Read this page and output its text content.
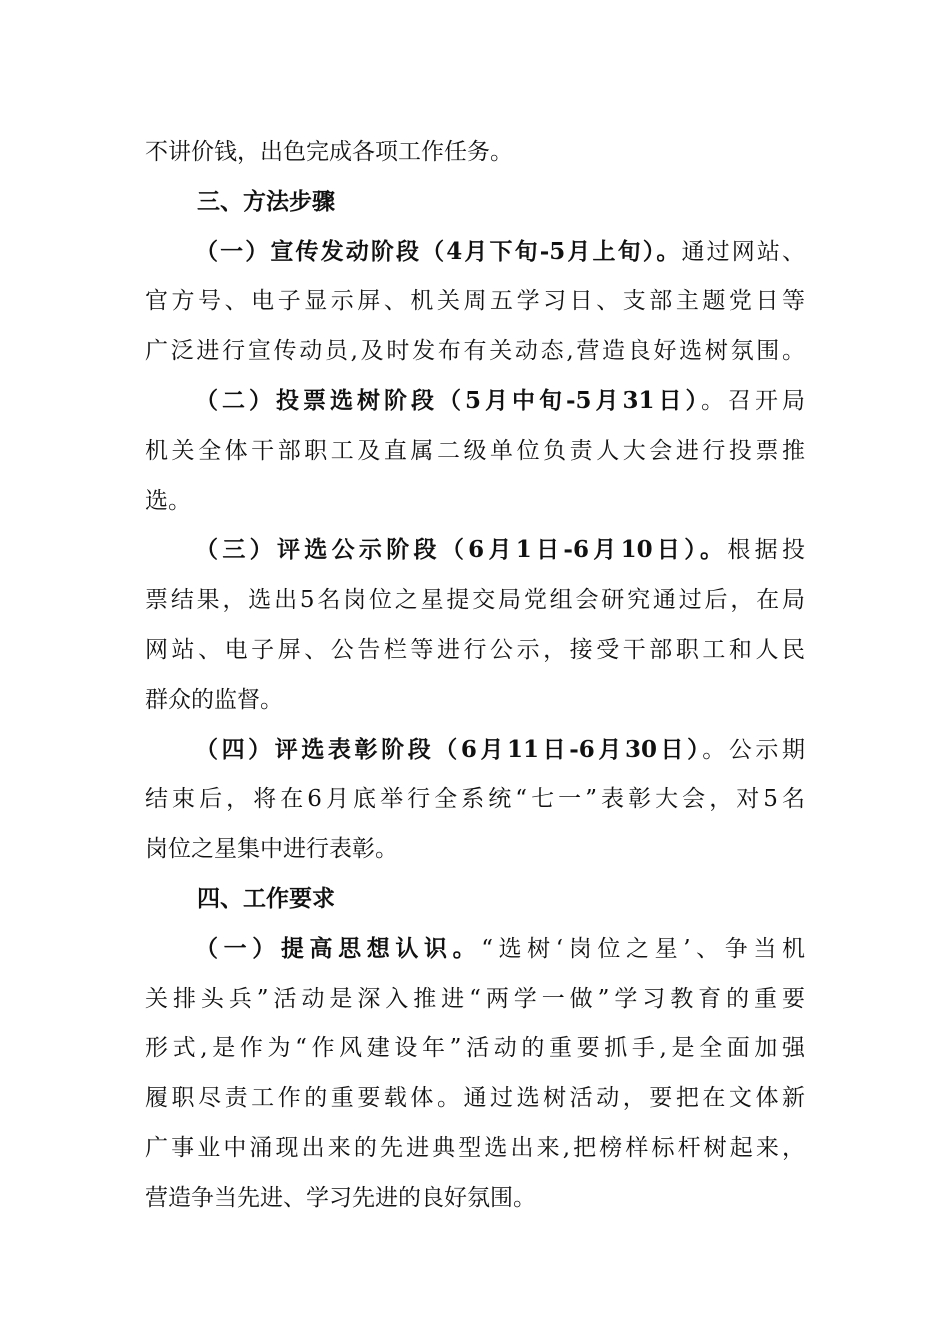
不讲价钱，出色完成各项工作任务。
三、方法步骤
（一）宣传发动阶段（4月下旬-5月上旬）。通过网站、
官方号、电子显示屏、机关周五学习日、支部主题党日等
广泛进行宣传动员,及时发布有关动态,营造良好选树氛围。
（二）投票选树阶段（5月中旬-5月31日）。召开局
机关全体干部职工及直属二级单位负责人大会进行投票推
选。
（三）评选公示阶段（6月1日-6月10日）。根据投
票结果，选出5名岗位之星提交局党组会研究通过后，在局
网站、电子屏、公告栏等进行公示，接受干部职工和人民
群众的监督。
（四）评选表彰阶段（6月11日-6月30日）。公示期
结束后，将在6月底举行全系统“七一”表彰大会，对5名
岗位之星集中进行表彰。
四、工作要求
（一）提高思想认识。“选树‘岗位之星’、争当机
关排头兵”活动是深入推进“两学一做”学习教育的重要
形式,是作为“作风建设年”活动的重要抓手,是全面加强
履职尽责工作的重要载体。通过选树活动，要把在文体新
广事业中涌现出来的先进典型选出来,把榜样标杆树起来，
营造争当先进、学习先进的良好氛围。
